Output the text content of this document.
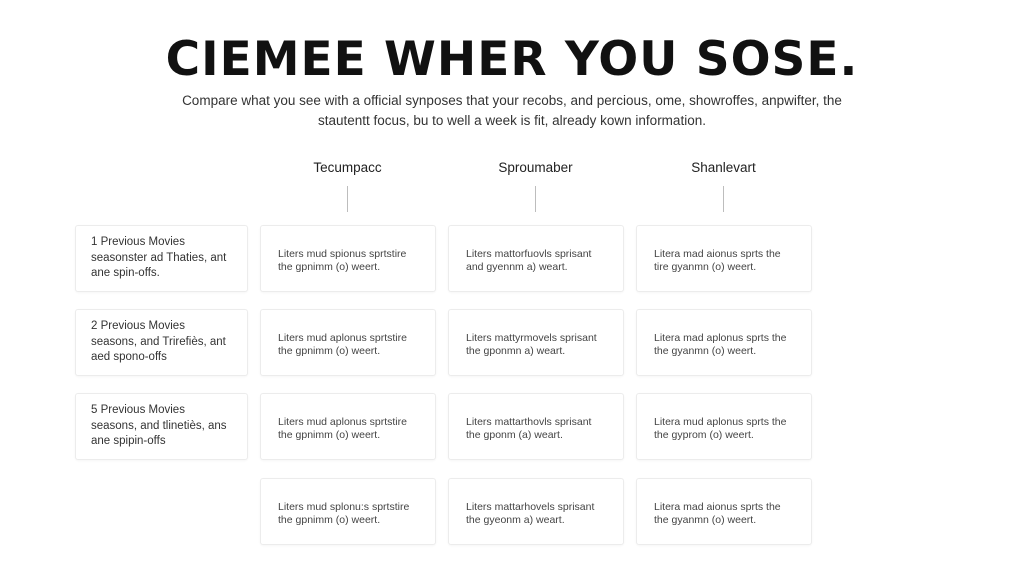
CIEMEE WHER YOU SOSE.

Compare what you see with a official synposes that your recobs, and percious, ome, showroffes, anpwifter, the
stautentt focus, bu to well a week is fit, already kown information.

Tecumpacc	Sproumaber	Shanlevart
1 Previous Movies
seasonster ad Thaties, ant
ane spin-offs.
2 Previous Movies
seasons, and Trirefiès, ant
aed spono-offs
5 Previous Movies
seasons, and tlinetiès, ans
ane spipin-offs
Liters mud spionus sprtstire
the gpnimm (o) weert.
Liters mattorfuovls sprisant
and gyennm a) weart.
Litera mad aionus sprts the
tire gyanmn (o) weert.
Liters mud aplonus sprtstire
the gpnimm (o) weert.
Liters mattyrmovels sprisant
the gponmn a) weart.
Litera mad aplonus sprts the
the gyanmn (o) weert.
Liters mud aplonus sprtstire
the gpnimm (o) weert.
Liters mattarthovls sprisant
the gponm (a) weart.
Litera mud aplonus sprts the
the gyprom (o) weert.
Liters mud splonu:s sprtstire
the gpnimm (o) weert.
Liters mattarhovels sprisant
the gyeonm a) weart.
Litera mad aionus sprts the
the gyanmn (o) weert.
